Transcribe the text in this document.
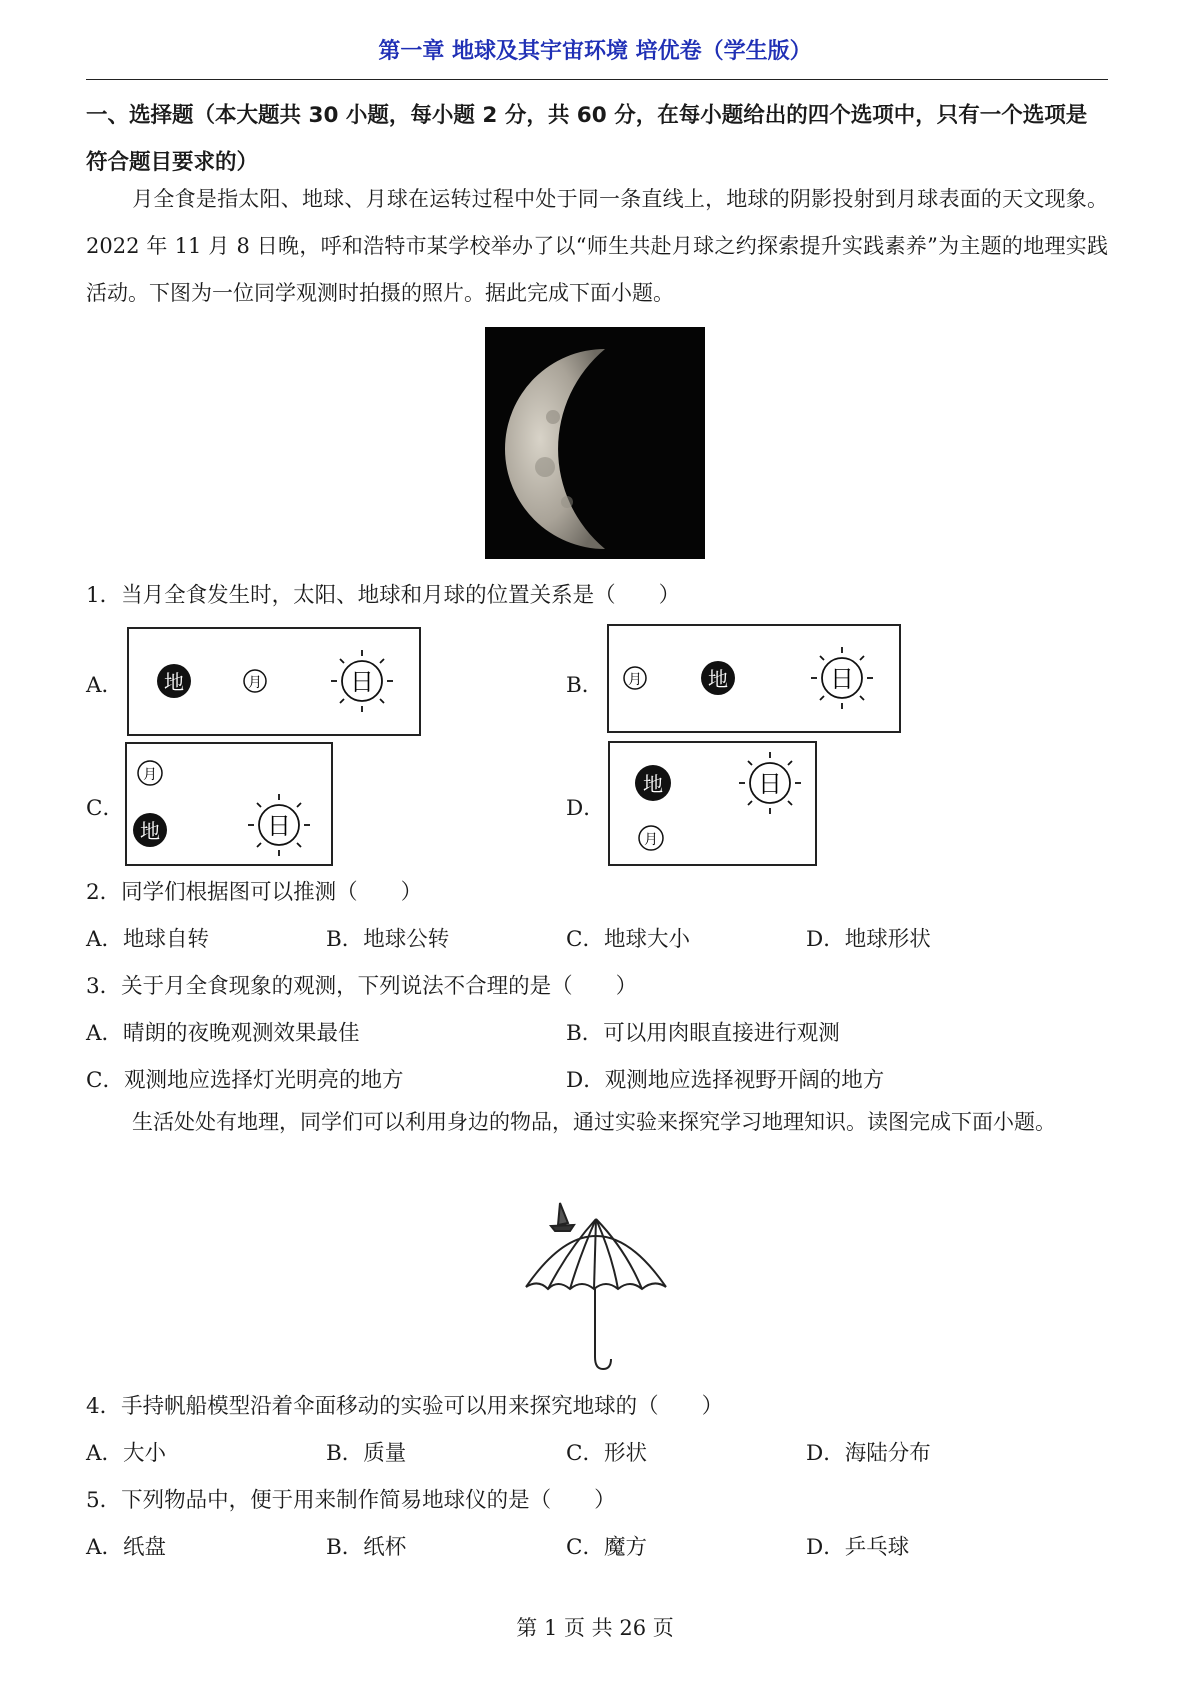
第一章 地球及其宇宙环境 培优卷（学生版）
一、选择题（本大题共 30 小题，每小题 2 分，共 60 分，在每小题给出的四个选项中，只有一个选项是符合题目要求的）
月全食是指太阳、地球、月球在运转过程中处于同一条直线上，地球的阴影投射到月球表面的天文现象。2022 年 11 月 8 日晚，呼和浩特市某学校举办了以“师生共赴月球之约探索提升实践素养”为主题的地理实践活动。下图为一位同学观测时拍摄的照片。据此完成下面小题。
1．当月全食发生时，太阳、地球和月球的位置关系是（　　）
A． 地	月	日	B． 月	地	日
C．
月
地	日
D．
地
月
日
2．同学们根据图可以推测（　　）
A．地球自转	B．地球公转	C．地球大小	D．地球形状
3．关于月全食现象的观测，下列说法不合理的是（　　）
A．晴朗的夜晚观测效果最佳	B．可以用肉眼直接进行观测
C．观测地应选择灯光明亮的地方	D．观测地应选择视野开阔的地方
生活处处有地理，同学们可以利用身边的物品，通过实验来探究学习地理知识。读图完成下面小题。
4．手持帆船模型沿着伞面移动的实验可以用来探究地球的（　　）
A．大小	B．质量	C．形状	D．海陆分布
5．下列物品中，便于用来制作简易地球仪的是（　　）
A．纸盘	B．纸杯	C．魔方	D．乒乓球
第 1 页 共 26 页
